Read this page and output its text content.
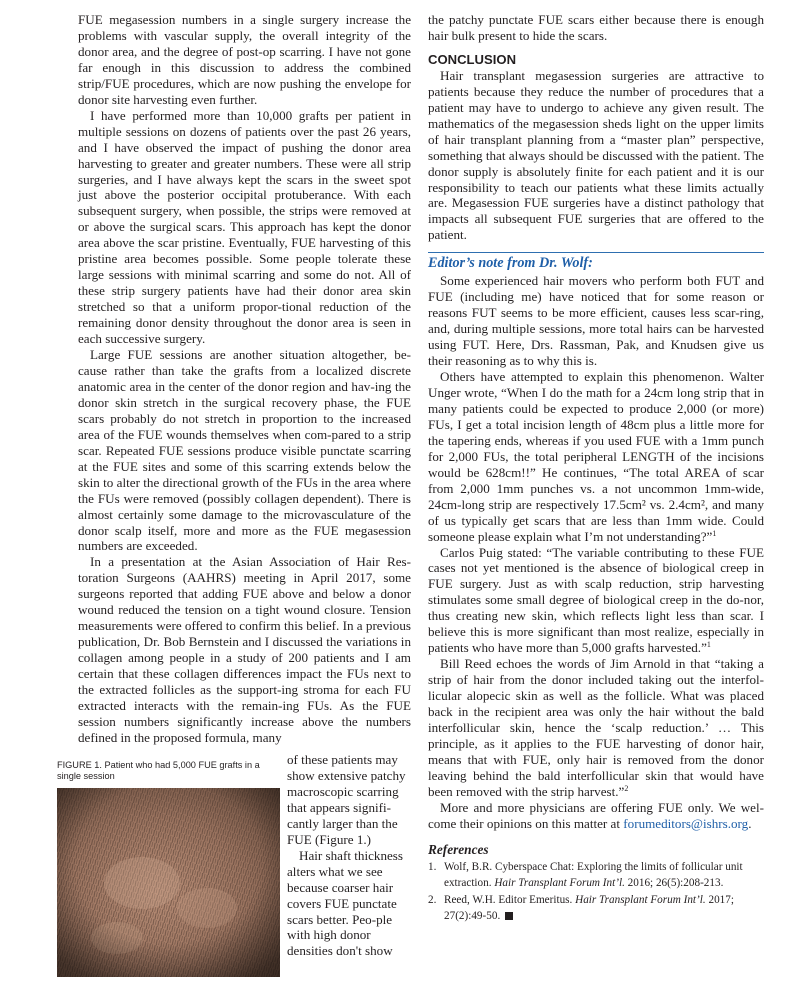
FUE megasession numbers in a single surgery increase the problems with vascular supply, the overall integrity of the donor area, and the degree of post-op scarring. I have not gone far enough in this discussion to address the combined strip/FUE procedures, which are now pushing the envelope for donor site harvesting even further.

I have performed more than 10,000 grafts per patient in multiple sessions on dozens of patients over the past 26 years, and I have observed the impact of pushing the donor area harvesting to greater and greater numbers. These were all strip surgeries, and I have always kept the scars in the sweet spot just above the posterior occipital protuberance. With each subsequent surgery, when possible, the strips were removed at or above the surgical scars. This approach has kept the donor area above the scar pristine. Eventually, FUE harvesting of this pristine area becomes possible. Some people tolerate these large sessions with minimal scarring and some do not. All of these strip surgery patients have had their donor area skin stretched so that a uniform propor-tional reduction of the remaining donor density throughout the donor area is seen in each successive surgery.

Large FUE sessions are another situation altogether, be-cause rather than take the grafts from a localized discrete anatomic area in the center of the donor region and hav-ing the donor skin stretch in the surgical recovery phase, the FUE scars probably do not stretch in proportion to the increased area of the FUE wounds themselves when com-pared to a strip scar. Repeated FUE sessions produce visible punctate scarring at the FUE sites and some of this scarring extends below the skin to alter the directional growth of the FUs in the area where the FUs were removed (possibly collagen dependent). There is almost certainly some damage to the microvasculature of the donor scalp itself, more and more as the FUE megasession numbers are exceeded.

In a presentation at the Asian Association of Hair Res-toration Surgeons (AAHRS) meeting in April 2017, some surgeons reported that adding FUE above and below a donor wound reduced the tension on a tight wound closure. Tension measurements were offered to confirm this belief. In a previous publication, Dr. Bob Bernstein and I discussed the variations in collagen among people in a study of 200 patients and I am certain that these collagen differences impact the FUs next to the extracted follicles as the support-ing stroma for each FU extracted interacts with the remain-ing FUs. As the FUE session numbers significantly increase above the numbers defined in the proposed formula, many

FIGURE 1. Patient who had 5,000 FUE grafts in a single session

of these patients may show extensive patchy macroscopic scarring that appears signifi-cantly larger than the FUE (Figure 1.)

Hair shaft thickness alters what we see because coarser hair covers FUE punctate scars better. Peo-ple with high donor densities don't show

the patchy punctate FUE scars either because there is enough hair bulk present to hide the scars.

CONCLUSION

Hair transplant megasession surgeries are attractive to patients because they reduce the number of procedures that a patient may have to undergo to achieve any given result. The mathematics of the megasession sheds light on the upper limits of hair transplant planning from a “master plan” perspective, something that always should be discussed with the patient. The donor supply is absolutely finite for each patient and it is our responsibility to teach our patients what these limits actually are. Megasession FUE surgeries have a distinct pathology that impacts all subsequent FUE surgeries that are offered to the patient.

Editor’s note from Dr. Wolf:

Some experienced hair movers who perform both FUT and FUE (including me) have noticed that for some reason or reasons FUT seems to be more efficient, causes less scar-ring, and, during multiple sessions, more total hairs can be harvested using FUT. Here, Drs. Rassman, Pak, and Knudsen give us their reasoning as to why this is.

Others have attempted to explain this phenomenon. Walter Unger wrote, “When I do the math for a 24cm long strip that in many patients could be expected to produce 2,000 (or more) FUs, I get a total incision length of 48cm plus a little more for the tapering ends, whereas if you used FUE with a 1mm punch for 2,000 FUs, the total peripheral LENGTH of the incisions would be 628cm!!” He continues, “The total AREA of scar from 2,000 1mm punches vs. a not uncommon 1mm-wide, 24cm-long strip are respectively 17.5cm² vs. 2.4cm², and many of us typically get scars that are less than 1mm wide. Could someone please explain what I’m not understanding?”$^1$

Carlos Puig stated: “The variable contributing to these FUE cases not yet mentioned is the absence of biological creep in FUE surgery. Just as with scalp reduction, strip harvesting stimulates some small degree of biological creep in the do-nor, thus creating new skin, which reflects light less than scar. I believe this is more significant than most realize, especially in patients who have more than 5,000 grafts harvested.”$^1$

Bill Reed echoes the words of Jim Arnold in that “taking a strip of hair from the donor included taking out the interfol-licular alopecic skin as well as the follicle. What was placed back in the recipient area was only the hair without the bald interfollicular skin, hence the ‘scalp reduction.’ … This principle, as it applies to the FUE harvesting of donor hair, means that with FUE, only hair is removed from the donor leaving behind the bald interfollicular skin that would have been removed with the strip harvest.”$^2$

More and more physicians are offering FUE only. We wel-come their opinions on this matter at forumeditors@ishrs.org.

References
1. Wolf, B.R. Cyberspace Chat: Exploring the limits of follicular unit extraction. Hair Transplant Forum Int’l. 2016; 26(5):208-213.
2. Reed, W.H. Editor Emeritus. Hair Transplant Forum Int’l. 2017; 27(2):49-50.
